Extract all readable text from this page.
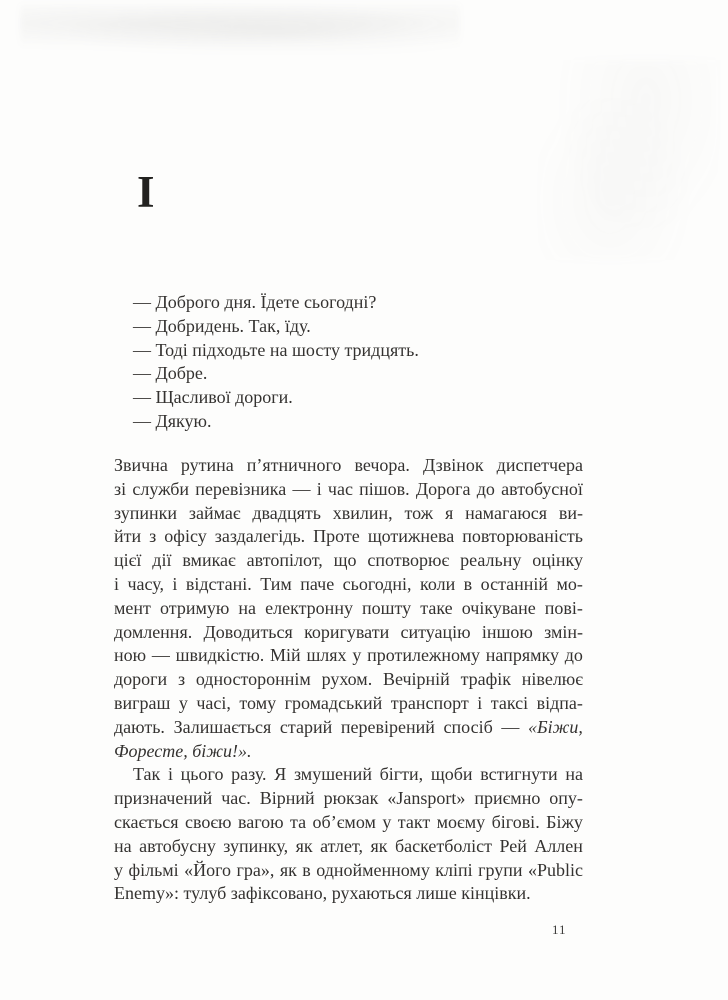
I
— Доброго дня. Їдете сьогодні?
— Добридень. Так, їду.
— Тоді підходьте на шосту тридцять.
— Добре.
— Щасливої дороги.
— Дякую.
Звична рутина п’ятничного вечора. Дзвінок диспетчера
зі служби перевізника — і час пішов. Дорога до автобусної
зупинки займає двадцять хвилин, тож я намагаюся ви-
йти з офісу заздалегідь. Проте щотижнева повторюваність
цієї дії вмикає автопілот, що спотворює реальну оцінку
і часу, і відстані. Тим паче сьогодні, коли в останній мо-
мент отримую на електронну пошту таке очікуване пові-
домлення. Доводиться коригувати ситуацію іншою змін-
ною — швидкістю. Мій шлях у протилежному напрямку до
дороги з одностороннім рухом. Вечірній трафік нівелює
виграш у часі, тому громадський транспорт і таксі відпа-
дають. Залишається старий перевірений спосіб — «Біжи,
Форесте, біжи!».
Так і цього разу. Я змушений бігти, щоби встигнути на
призначений час. Вірний рюкзак «Jansport» приємно опу-
скається своєю вагою та об’ємом у такт моєму бігові. Біжу
на автобусну зупинку, як атлет, як баскетболіст Рей Аллен
у фільмі «Його гра», як в однойменному кліпі групи «Public
Enemy»: тулуб зафіксовано, рухаються лише кінцівки.
11
